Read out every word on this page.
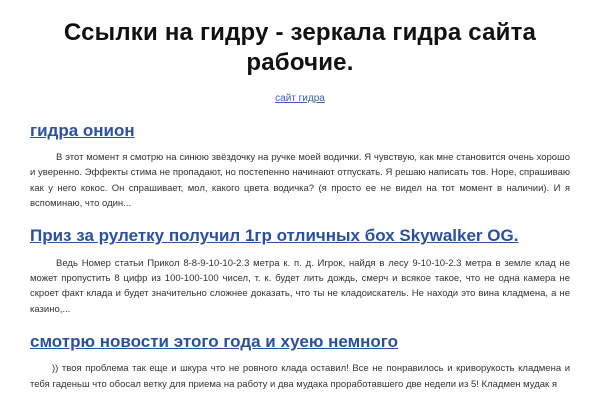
Ссылки на гидру - зеркала гидра сайта рабочие.
сайт гидра
гидра онион

В этот момент я смотрю на синюю звёздочку на ручке моей водички. Я чувствую, как мне становится очень хорошо и уверенно. Эффекты стима не пропадают, но постепенно начинают отпускать. Я решаю написать тов. Норе, спрашиваю как у него кокос. Он спрашивает, мол, какого цвета водичка? (я просто ее не видел на тот момент в наличии). И я вспоминаю, что один...

Приз за рулетку получил 1гр отличных бох Skywalker OG.

Ведь Номер статьи Прикол 8-8-9-10-10-2.3 метра к. п. д. Игрок, найдя в лесу 9-10-10-2.3 метра в земле клад не может пропустить 8 цифр из 100-100-100 чисел, т. к. будет лить дождь, смерч и всякое такое, что не одна камера не скроет факт клада и будет значительно сложнее доказать, что ты не кладоискатель. Не находи это вина кладмена, а не казино,...

смотрю новости этого года и хуею немного

)) твоя проблема так еще и шкура что не ровного клада оставил! Все не понравилось и криворукость кладмена и тебя гаденьш что обосал ветку для приема на работу и два мудака проработавшего две недели из 5! Кладмен мудак я
